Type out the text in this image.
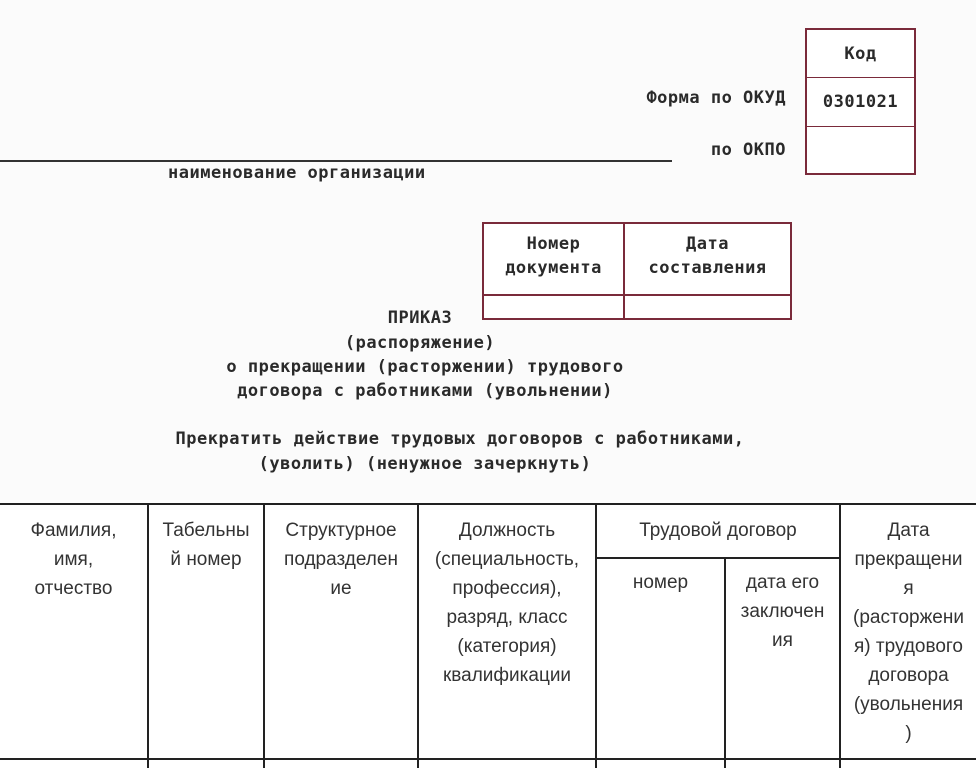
Код
0301021
Форма по ОКУД
по ОКПО
наименование организации
Номер
документа
Дата
составления
ПРИКАЗ
(распоряжение)
о прекращении (расторжении) трудового
договора с работниками (увольнении)
Прекратить действие трудовых договоров с работниками,
(уволить) (ненужное зачеркнуть)
Фамилия,
имя,
отчество
Табельны
й номер
Структурное
подразделен
ие
Должность
(специальность,
профессия),
разряд, класс
(категория)
квалификации
Трудовой договор
номер	дата его
заключен
ия
Дата
прекращени
я
(расторжени
я) трудового
договора
(увольнения
)
